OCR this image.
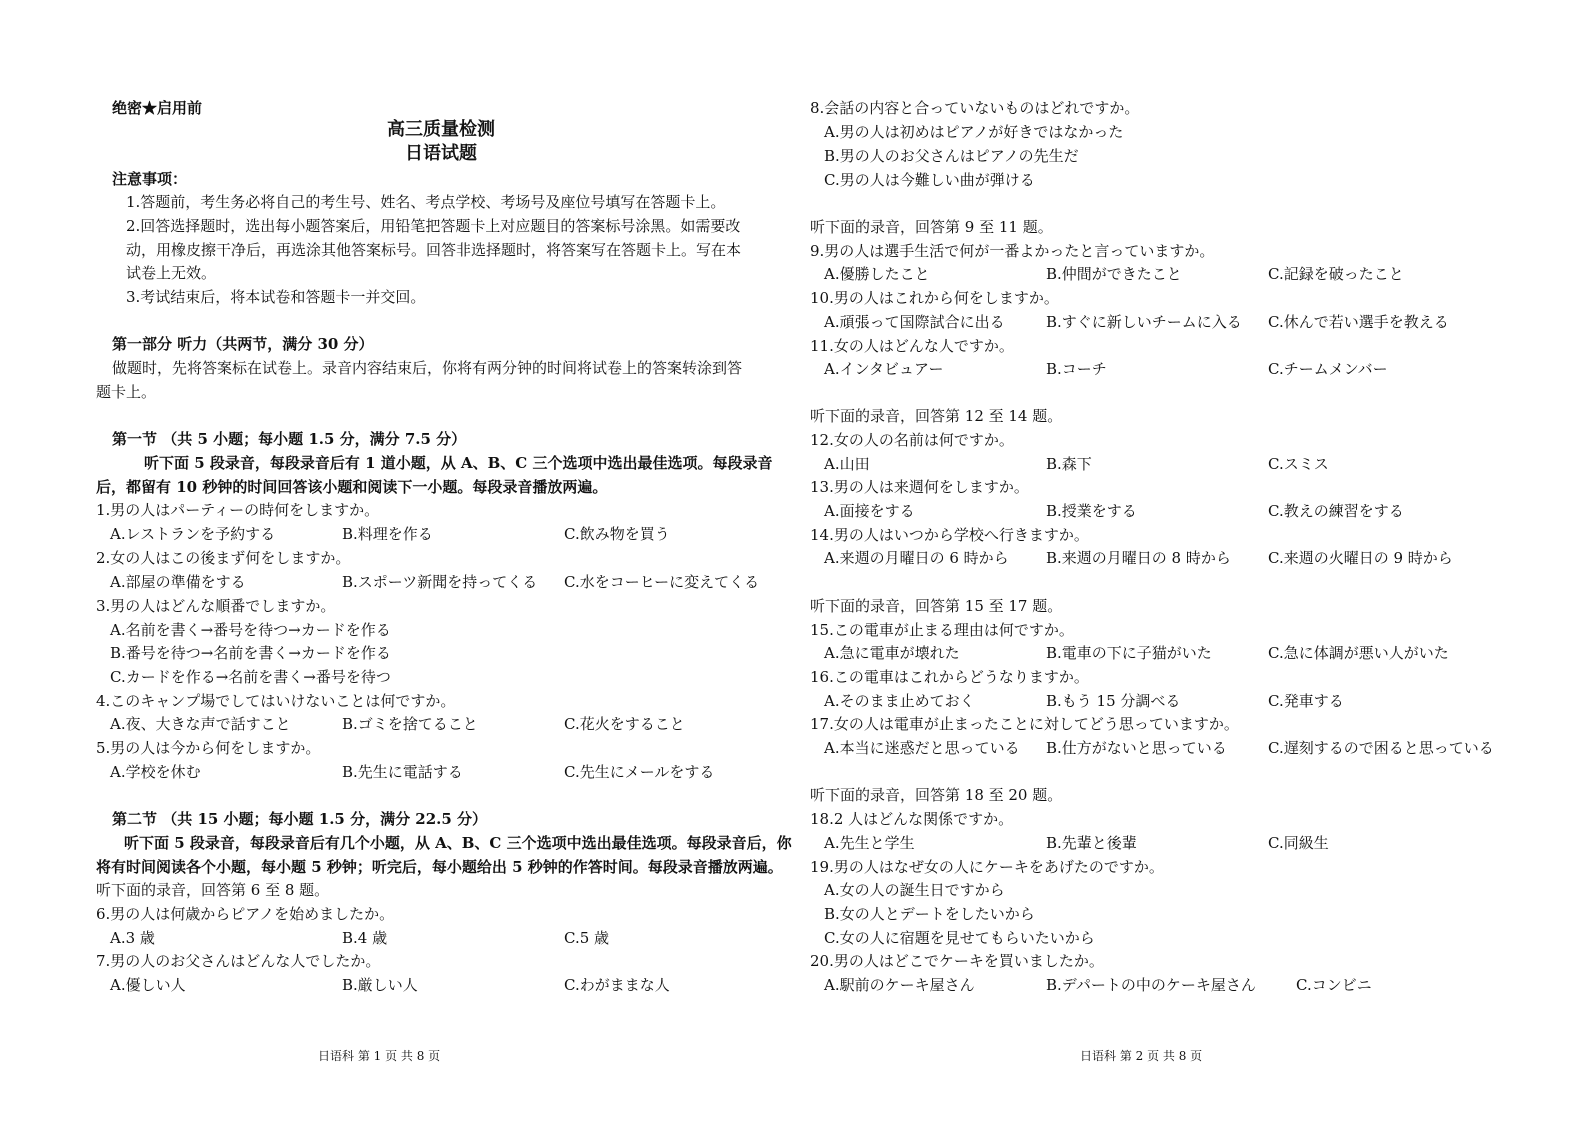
绝密★启用前
高三质量检测
日语试题
注意事项：
1.答题前，考生务必将自己的考生号、姓名、考点学校、考场号及座位号填写在答题卡上。
2.回答选择题时，选出每小题答案后，用铅笔把答题卡上对应题目的答案标号涂黑。如需要改
动，用橡皮擦干净后，再选涂其他答案标号。回答非选择题时，将答案写在答题卡上。写在本
试卷上无效。
3.考试结束后，将本试卷和答题卡一并交回。
第一部分 听力（共两节，满分 30 分）
做题时，先将答案标在试卷上。录音内容结束后，你将有两分钟的时间将试卷上的答案转涂到答
题卡上。
第一节 （共 5 小题；每小题 1.5 分，满分 7.5 分）
听下面 5 段录音，每段录音后有 1 道小题，从 A、B、C 三个选项中选出最佳选项。每段录音
后，都留有 10 秒钟的时间回答该小题和阅读下一小题。每段录音播放两遍。
1.男の人はパーティーの時何をしますか。
A.レストランを予約する	B.料理を作る	C.飲み物を買う
2.女の人はこの後まず何をしますか。
A.部屋の準備をする	B.スポーツ新聞を持ってくる C.水をコーヒーに変えてくる
3.男の人はどんな順番でしますか。
A.名前を書く→番号を待つ→カードを作る
B.番号を待つ→名前を書く→カードを作る
C.カードを作る→名前を書く→番号を待つ
4.このキャンプ場でしてはいけないことは何ですか。
A.夜、大きな声で話すこと	B.ゴミを捨てること	C.花火をすること
5.男の人は今から何をしますか。
A.学校を休む	B.先生に電話する	C.先生にメールをする
第二节 （共 15 小题；每小题 1.5 分，满分 22.5 分）
听下面 5 段录音，每段录音后有几个小题，从 A、B、C 三个选项中选出最佳选项。每段录音后，你
将有时间阅读各个小题，每小题 5 秒钟；听完后，每小题给出 5 秒钟的作答时间。每段录音播放两遍。
听下面的录音，回答第 6 至 8 题。
6.男の人は何歳からピアノを始めましたか。
A.3 歳	B.4 歳	C.5 歳
7.男の人のお父さんはどんな人でしたか。
A.優しい人	B.厳しい人	C.わがままな人
日语科 第 1 页 共 8 页
8.会話の内容と合っていないものはどれですか。
A.男の人は初めはピアノが好きではなかった
B.男の人のお父さんはピアノの先生だ
C.男の人は今難しい曲が弾ける
听下面的录音，回答第 9 至 11 题。
9.男の人は選手生活で何が一番よかったと言っていますか。
A.優勝したこと	B.仲間ができたこと	C.記録を破ったこと
10.男の人はこれから何をしますか。
A.頑張って国際試合に出る	B.すぐに新しいチームに入る C.休んで若い選手を教える
11.女の人はどんな人ですか。
A.インタビュアー	B.コーチ	C.チームメンバー
听下面的录音，回答第 12 至 14 题。
12.女の人の名前は何ですか。
A.山田	B.森下	C.スミス
13.男の人は来週何をしますか。
A.面接をする	B.授業をする	C.教えの練習をする
14.男の人はいつから学校へ行きますか。
A.来週の月曜日の 6 時から B.来週の月曜日の 8 時から C.来週の火曜日の 9 時から
听下面的录音，回答第 15 至 17 题。
15.この電車が止まる理由は何ですか。
A.急に電車が壊れた	B.電車の下に子猫がいた	C.急に体調が悪い人がいた
16.この電車はこれからどうなりますか。
A.そのまま止めておく	B.もう 15 分調べる	C.発車する
17.女の人は電車が止まったことに対してどう思っていますか。
A.本当に迷惑だと思っている B.仕方がないと思っている	C.遅刻するので困ると思っている
听下面的录音，回答第 18 至 20 题。
18.2 人はどんな関係ですか。
A.先生と学生	B.先輩と後輩	C.同級生
19.男の人はなぜ女の人にケーキをあげたのですか。
A.女の人の誕生日ですから
B.女の人とデートをしたいから
C.女の人に宿題を見せてもらいたいから
20.男の人はどこでケーキを買いましたか。
A.駅前のケーキ屋さん	B.デパートの中のケーキ屋さん	C.コンビニ
日语科 第 2 页 共 8 页
